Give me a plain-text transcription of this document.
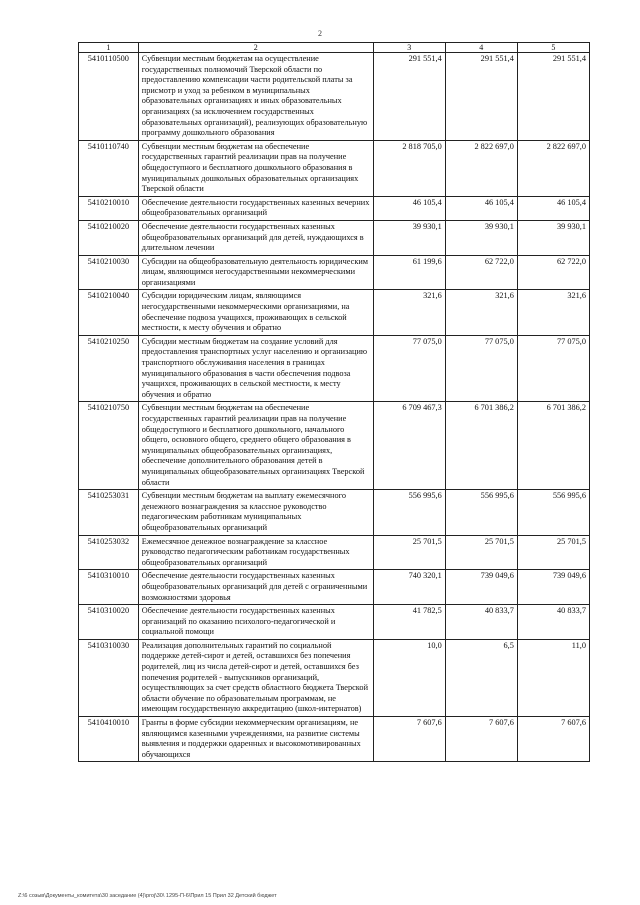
2
1	2	3	4	5
5410110500	Субвенции местным бюджетам на осуществление государственных полномочий Тверской области по предоставлению компенсации части родительской платы за присмотр и уход за ребенком в муниципальных образовательных организациях и иных образовательных организациях (за исключением государственных образовательных организаций), реализующих образовательную программу дошкольного образования	291 551,4	291 551,4	291 551,4
5410110740	Субвенции местным бюджетам на обеспечение государственных гарантий реализации прав на получение общедоступного и бесплатного дошкольного образования в муниципальных дошкольных образовательных организациях Тверской области	2 818 705,0	2 822 697,0	2 822 697,0
5410210010	Обеспечение деятельности государственных казенных вечерних общеобразовательных организаций	46 105,4	46 105,4	46 105,4
5410210020	Обеспечение деятельности государственных казенных общеобразовательных организаций для детей, нуждающихся в длительном лечении	39 930,1	39 930,1	39 930,1
5410210030	Субсидии на общеобразовательную деятельность юридическим лицам, являющимся негосударственными некоммерческими организациями	61 199,6	62 722,0	62 722,0
5410210040	Субсидии юридическим лицам, являющимся негосударственными некоммерческими организациями, на обеспечение подвоза учащихся, проживающих в сельской местности, к месту обучения и обратно	321,6	321,6	321,6
5410210250	Субсидии местным бюджетам на создание условий для предоставления транспортных услуг населению и организацию транспортного обслуживания населения в границах муниципального образования в части обеспечения подвоза учащихся, проживающих в сельской местности, к месту обучения и обратно	77 075,0	77 075,0	77 075,0
5410210750	Субвенции местным бюджетам на обеспечение государственных гарантий реализации прав на получение общедоступного и бесплатного дошкольного, начального общего, основного общего, среднего общего образования в муниципальных общеобразовательных организациях, обеспечение дополнительного образования детей в муниципальных общеобразовательных организациях Тверской области	6 709 467,3	6 701 386,2	6 701 386,2
5410253031	Субвенции местным бюджетам на выплату ежемесячного денежного вознаграждения за классное руководство педагогическим работникам муниципальных общеобразовательных организаций	556 995,6	556 995,6	556 995,6
5410253032	Ежемесячное денежное вознаграждение за классное руководство педагогическим работникам государственных общеобразовательных организаций	25 701,5	25 701,5	25 701,5
5410310010	Обеспечение деятельности государственных казенных общеобразовательных организаций для детей с ограниченными возможностями здоровья	740 320,1	739 049,6	739 049,6
5410310020	Обеспечение деятельности государственных казенных организаций по оказанию психолого-педагогической и социальной помощи	41 782,5	40 833,7	40 833,7
5410310030	Реализация дополнительных гарантий по социальной поддержке детей-сирот и детей, оставшихся без попечения родителей, лиц из числа детей-сирот и детей, оставшихся без попечения родителей - выпускников организаций, осуществляющих за счет средств областного бюджета Тверской области обучение по образовательным программам, не имеющим государственную аккредитацию (школ-интернатов)	10,0	6,5	11,0
5410410010	Гранты в форме субсидии некоммерческим организациям, не являющимся казенными учреждениями, на развитие системы выявления и поддержки одаренных и высокомотивированных обучающихся	7 607,6	7 607,6	7 607,6
Z:\6 созыв\Документы_комитета\30 заседание (4)\proj\30\ 1295-П-6\Прил 15 Прил 32 Детский бюджет
